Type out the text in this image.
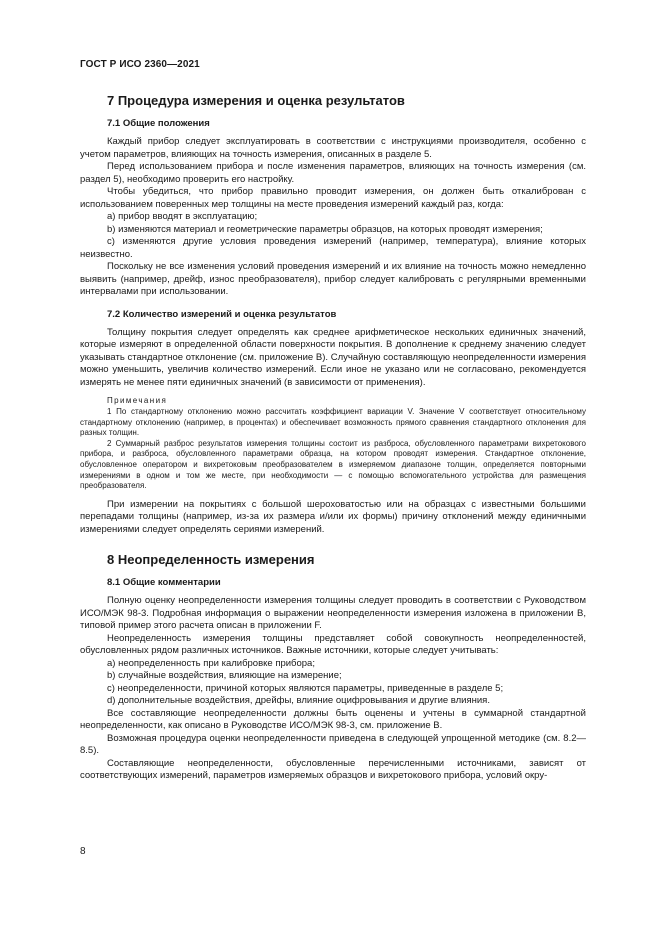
ГОСТ Р ИСО 2360—2021
7 Процедура измерения и оценка результатов
7.1 Общие положения

Каждый прибор следует эксплуатировать в соответствии с инструкциями производителя, особенно с учетом параметров, влияющих на точность измерения, описанных в разделе 5.

Перед использованием прибора и после изменения параметров, влияющих на точность измерения (см. раздел 5), необходимо проверить его настройку.

Чтобы убедиться, что прибор правильно проводит измерения, он должен быть откалиброван с использованием поверенных мер толщины на месте проведения измерений каждый раз, когда:

a) прибор вводят в эксплуатацию;

b) изменяются материал и геометрические параметры образцов, на которых проводят измерения;

c) изменяются другие условия проведения измерений (например, температура), влияние которых неизвестно.

Поскольку не все изменения условий проведения измерений и их влияние на точность можно немедленно выявить (например, дрейф, износ преобразователя), прибор следует калибровать с регулярными временными интервалами при использовании.

7.2 Количество измерений и оценка результатов

Толщину покрытия следует определять как среднее арифметическое нескольких единичных значений, которые измеряют в определенной области поверхности покрытия. В дополнение к среднему значению следует указывать стандартное отклонение (см. приложение В). Случайную составляющую неопределенности измерения можно уменьшить, увеличив количество измерений. Если иное не указано или не согласовано, рекомендуется измерять не менее пяти единичных значений (в зависимости от применения).

Примечания

1 По стандартному отклонению можно рассчитать коэффициент вариации V. Значение V соответствует относительному стандартному отклонению (например, в процентах) и обеспечивает возможность прямого сравнения стандартного отклонения для разных толщин.

2 Суммарный разброс результатов измерения толщины состоит из разброса, обусловленного параметрами вихретокового прибора, и разброса, обусловленного параметрами образца, на котором проводят измерения. Стандартное отклонение, обусловленное оператором и вихретоковым преобразователем в измеряемом диапазоне толщин, определяется повторными измерениями в одном и том же месте, при необходимости — с помощью вспомогательного устройства для размещения преобразователя.

При измерении на покрытиях с большой шероховатостью или на образцах с известными большими перепадами толщины (например, из-за их размера и/или их формы) причину отклонений между единичными измерениями следует определять сериями измерений.

8 Неопределенность измерения
8.1 Общие комментарии

Полную оценку неопределенности измерения толщины следует проводить в соответствии с Руководством ИСО/МЭК 98-3. Подробная информация о выражении неопределенности измерения изложена в приложении В, типовой пример этого расчета описан в приложении F.

Неопределенность измерения толщины представляет собой совокупность неопределенностей, обусловленных рядом различных источников. Важные источники, которые следует учитывать:

a) неопределенность при калибровке прибора;

b) случайные воздействия, влияющие на измерение;

c) неопределенности, причиной которых являются параметры, приведенные в разделе 5;

d) дополнительные воздействия, дрейфы, влияние оцифровывания и другие влияния.

Все составляющие неопределенности должны быть оценены и учтены в суммарной стандартной неопределенности, как описано в Руководстве ИСО/МЭК 98-3, см. приложение В.

Возможная процедура оценки неопределенности приведена в следующей упрощенной методике (см. 8.2—8.5).

Составляющие неопределенности, обусловленные перечисленными источниками, зависят от соответствующих измерений, параметров измеряемых образцов и вихретокового прибора, условий окру-

8
